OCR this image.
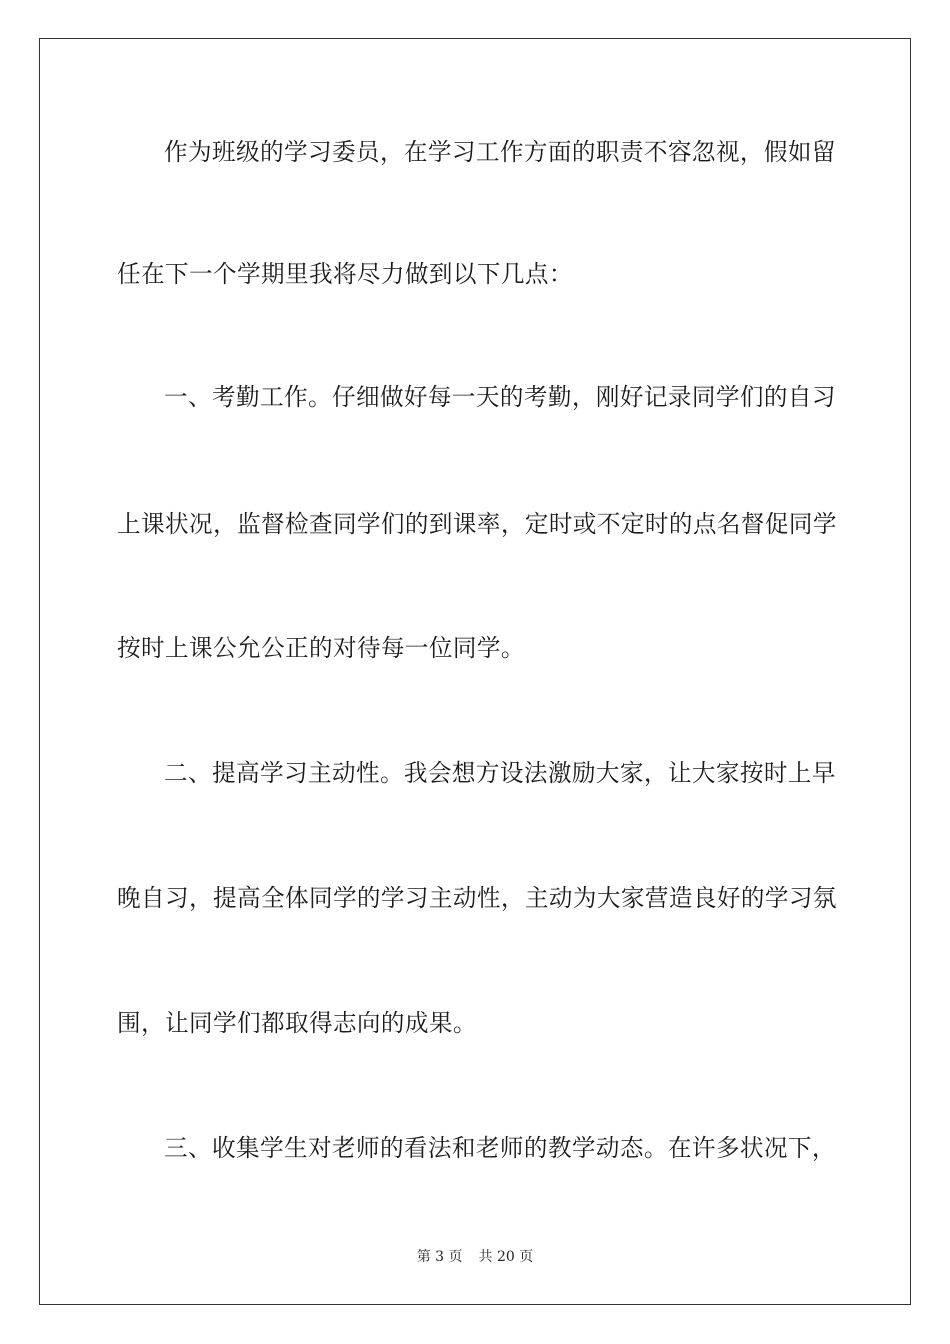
作为班级的学习委员，在学习工作方面的职责不容忽视，假如留
任在下一个学期里我将尽力做到以下几点：
一、考勤工作。仔细做好每一天的考勤，刚好记录同学们的自习
上课状况，监督检查同学们的到课率，定时或不定时的点名督促同学
按时上课公允公正的对待每一位同学。
二、提高学习主动性。我会想方设法激励大家，让大家按时上早
晚自习，提高全体同学的学习主动性，主动为大家营造良好的学习氛
围，让同学们都取得志向的成果。
三、收集学生对老师的看法和老师的教学动态。在许多状况下，
第 3 页 共 20 页
